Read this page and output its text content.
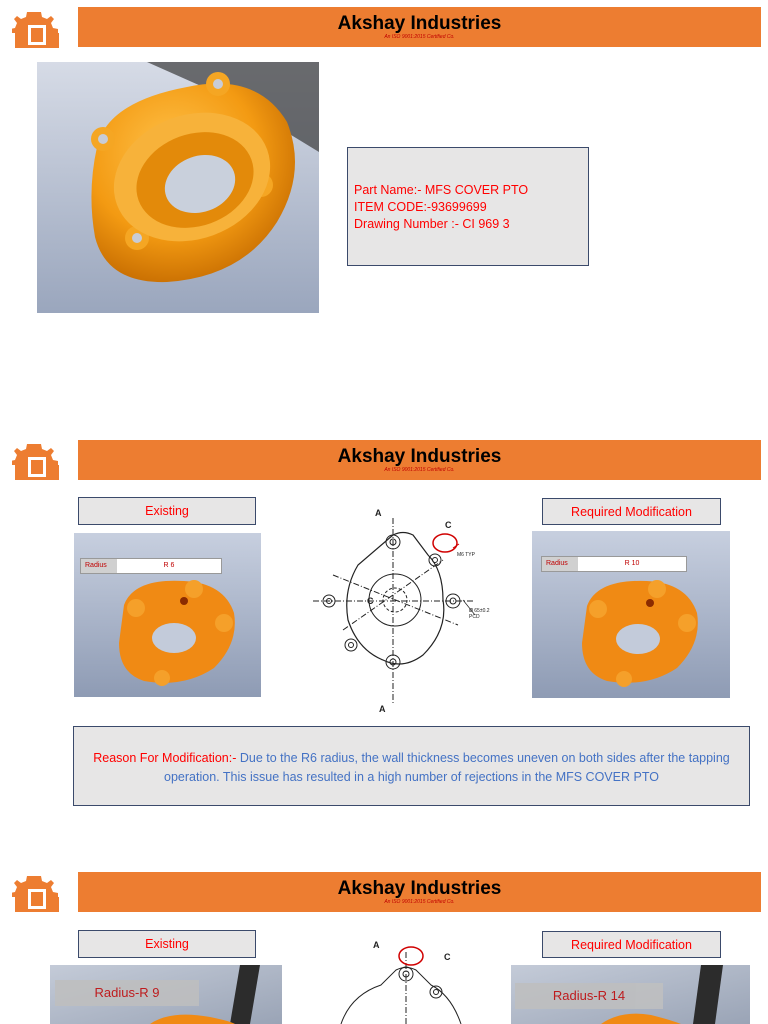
Akshay Industries
An ISO 9001:2015 Certified Co.

Part Name:- MFS COVER PTO

ITEM CODE:-93699699

Drawing Number :- CI 969 3

Akshay Industries
An ISO 9001:2015 Certified Co.
Existing	Required Modification
Radius	R 6
A
A
C
C
Ø 65±0.2 PCD
M6 TYP
Radius	R 10
Reason For Modification:- Due to the R6 radius, the wall thickness becomes uneven on both sides after the tapping operation. This issue has resulted in a high number of rejections in the MFS COVER PTO
Akshay Industries
An ISO 9001:2015 Certified Co.
Existing	Required Modification
Radius-R 9
A
C
Radius-R 14
